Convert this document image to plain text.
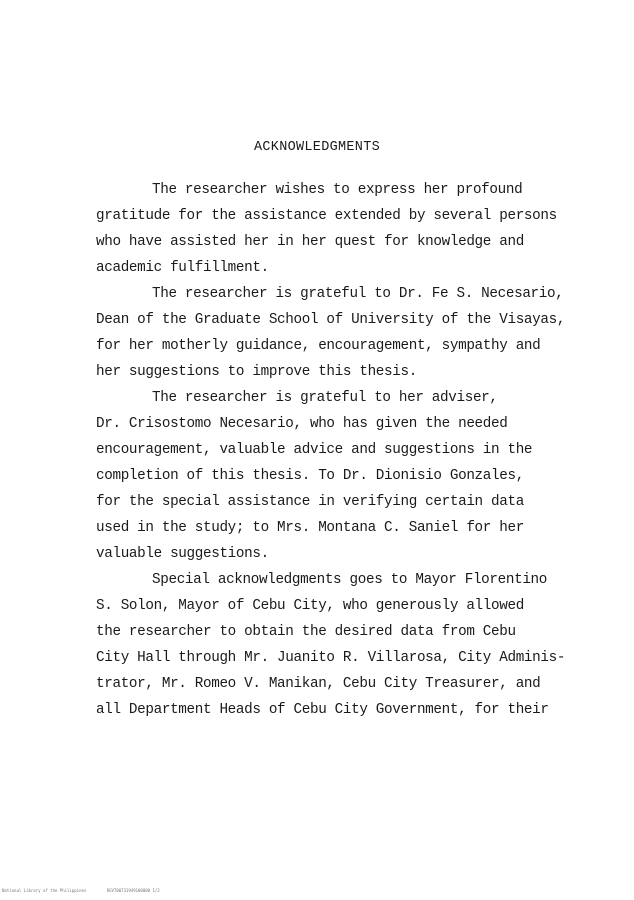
ACKNOWLEDGMENTS
The researcher wishes to express her profound
gratitude for the assistance extended by several persons
who have assisted her in her quest for knowledge and
academic fulfillment.
The researcher is grateful to Dr. Fe S. Necesario,
Dean of the Graduate School of University of the Visayas,
for her motherly guidance, encouragement, sympathy and
her suggestions to improve this thesis.
The researcher is grateful to her adviser,
Dr. Crisostomo Necesario, who has given the needed
encouragement, valuable advice and suggestions in the
completion of this thesis. To Dr. Dionisio Gonzales,
for the special assistance in verifying certain data
used in the study; to Mrs. Montana C. Saniel for her
valuable suggestions.
Special acknowledgments goes to Mayor Florentino
S. Solon, Mayor of Cebu City, who generously allowed
the researcher to obtain the desired data from Cebu
City Hall through Mr. Juanito R. Villarosa, City Adminis-
trator, Mr. Romeo V. Manikan, Cebu City Treasurer, and
all Department Heads of Cebu City Government, for their
National Library of the Philippines	RGVT00731949100000 1/2
